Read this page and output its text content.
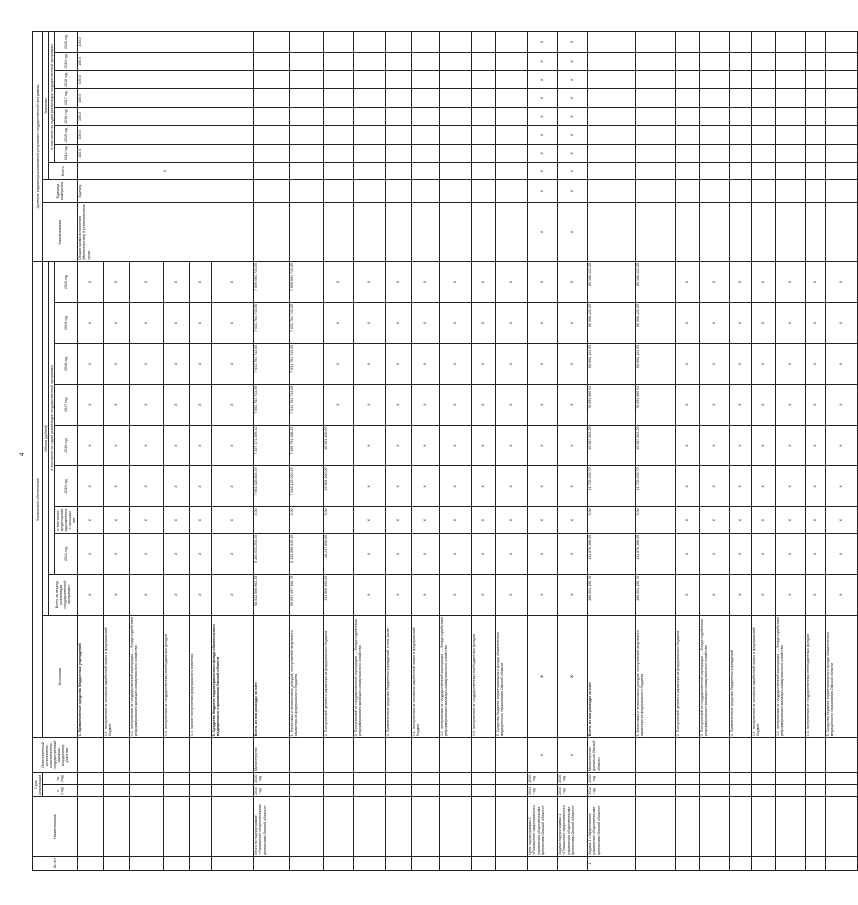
4
№ п/п	Наименование	Срок реализации		Ответственный исполнитель, соисполнитель, государственный заказчик-координатор, участник	Финансовое обеспечение										Целевые индикаторы/показатели результата государственной программы									
		с (год)	по (год)		Источники	Объем (рублей)									Наименование	Единица измерения	Значение							
						Всего за период реализации государственной программы	в том числе по годам реализации государственной программы										Всего	в том числе по годам реализации государственной программы						
							2014 год	в том числе: кредиторская задолженность прошлых лет	2015 год	2016 год	2017 год	2018 год	2019 год	2020 год				2014 год	2015 год	2016 год	2017 год	2018 год	2019 год	2020 год
					1. Привлеченные средства бюджетных учреждений	x	x	x	x	x	x	x	x	x	Общая сумма исполнения (Министерства) в установленные сроки	Единиц	x	100,0	100,0	100,0	100,0	100,0	100,0	100,0
					4.1. поступления от основных заработной платы в федеральный бюджет	x	x	x	x	x	x	x	x	x										
					4.2. поступления от государственной корпорации — Фонда содействия реформированию жилищно-коммунального хозяйства	x	x	x	x	x	x	x	x	x										
					4.3. поступления от государственных внебюджетных фондов	x	x	x	x	x	x	x	x	x										
					4.4. прочие поступления федерального значения	x	x	x	x	x	x	x	x	x										
					5. Средства бюджета территориального фонда обязательного медицинского страхования Омской области	x	x	x	x	x	x	x	x	x										
	Итого по подпрограмме «Управление общественными финансами Омской области»	2014 год	2020 год	Министерство	Всего, из них расходы за счет:	58 812 906 963,35	5 264 631 253,45	0,00	7 661 028 803,45	7 497 171 399,32	7 651 764 743,05	7 631 764 743,05	7 631 764 743,05	7 659 694 743,05										
					1. Налоговых и неналоговых доходов, поступлений нецелевого характера из федерального бюджета	55 097 497 306,75	5 133 596 015,45	0,00	7 648 133 020,45	7 269 751 488,32	7 631 764 743,05	7 631 764 743,05	7 631 764 743,05	7 659 694 743,05										
					2. Поступлений целевого характера из федерального бюджета	133 506 300,00	48 217 600,00	0,00	45 581 400,00	48 581 300,00	x	x	x	x										
					3. Поступлений от государственной корпорации — Фонда содействия реформированию жилищно-коммунального хозяйства	x	x	x	x	x	x	x	x	x										
					4. Привлеченные средства бюджетных учреждений, в том числе:	x	x	x	x	x	x	x	x	x										
					4.1. поступления от основных заработной платы в федеральный бюджет	x	x	x	x	x	x	x	x	x										
					4.2. поступления от государственной корпорации — Фонда содействия реформированию жилищно-коммунального хозяйства	x	x	x	x	x	x	x	x	x										
					4.3. поступления от государственных внебюджетных фондов	x	x	x	x	x	x	x	x	x										
					5. Средства бюджета территориального фонда обязательного медицинского страхования Омской области	x	x	x	x	x	x	x	x	x										
	Цель подпрограммы 2 «Повышение эффективности управления общественными финансами Омской области»	2014 год	2020 год	x	x	x	x	x	x	x	x	x	x	x	x	x	x	x	x	x	x	x	x	x
	Задача подпрограммы 1 «Повышение эффективности управления общественными финансами Омской области»	2014 год	2020 год	x	x	x	x	x	x	x	x	x	x	x	x	x	x	x	x	x	x	x	x	x
1	Задача 1 «Эффективное управление общественными финансами Омской области»	2014 год	2020 год	Министерство финансов Омской области	Всего, из них расходы за счет:	368 004 158,76	112 876 286,05	0,00	11 725 235,73	45 687 602,29	76 053 960,53	80 006 122,05	80 006 122,05	85 106 122,05										
					1. Налоговых и неналоговых доходов, поступлений нецелевого характера из федерального бюджета	368 004 158,76	112 876 286,05	0,00	11 725 235,73	45 687 602,29	76 053 960,53	80 006 122,05	80 006 122,05	85 106 122,05										
					2. Поступлений целевого характера из федерального бюджета	x	x	x	x	x	x	x	x	x										
					3. Поступлений от государственной корпорации — Фонда содействия реформированию жилищно-коммунального хозяйства	x	x	x	x	x	x	x	x	x										
					4. Привлеченные средства бюджетных учреждений	x	x	x	x	x	x	x	x	x										
					4.1. поступления от основных заработной платы в федеральный бюджет	x	x	x	x	x	x	x	x	x										
					4.2. поступления от государственной корпорации — Фонда содействия реформированию жилищно-коммунального хозяйства	x	x	x	x	x	x	x	x	x										
					4.3. поступления от государственных внебюджетных фондов	x	x	x	x	x	x	x	x	x										
					5. Средства бюджета территориального фонда обязательного медицинского страхования Омской области	x	x	x	x	x	x	x	x	x										
